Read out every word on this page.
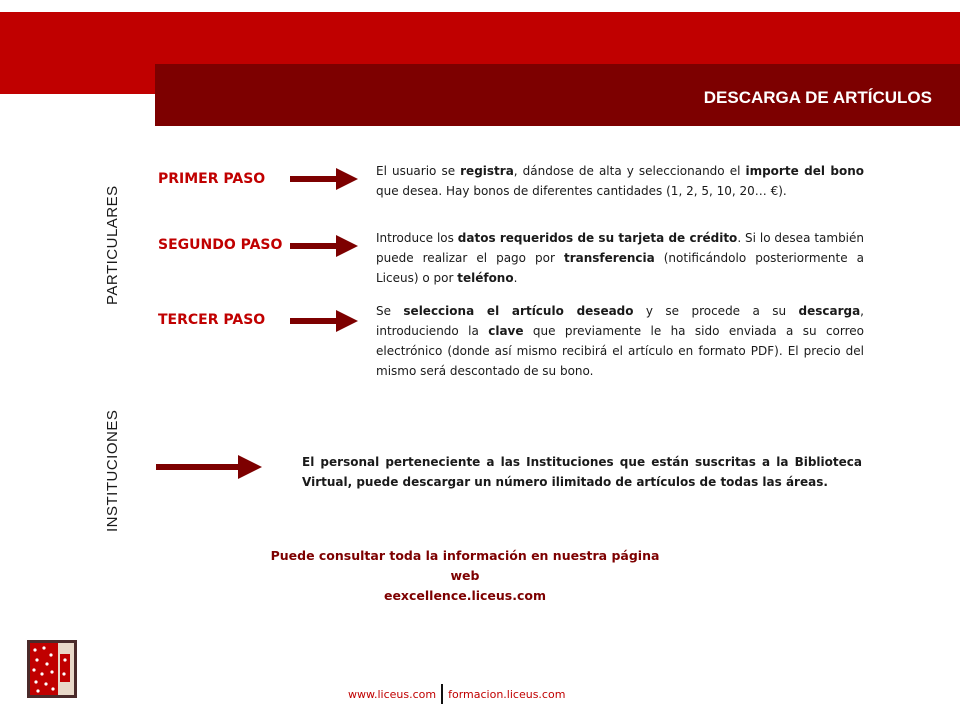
DESCARGA DE ARTÍCULOS
PARTICULARES
INSTITUCIONES
PRIMER PASO	El usuario se registra, dándose de alta y seleccionando el importe del bono que desea. Hay bonos de diferentes cantidades (1, 2, 5, 10, 20… €).
SEGUNDO PASO	Introduce los datos requeridos de su tarjeta de crédito. Si lo desea también puede realizar el pago por transferencia (notificándolo posteriormente a Liceus) o por teléfono.
TERCER PASO
Se selecciona el artículo deseado y se procede a su descarga, introduciendo la clave que previamente le ha sido enviada a su correo electrónico (donde así mismo recibirá el artículo en formato PDF). El precio del mismo será descontado de su bono.
El personal perteneciente a las Instituciones que están suscritas a la Biblioteca Virtual, puede descargar un número ilimitado de artículos de todas las áreas.
Puede consultar toda la información en nuestra página web
eexcellence.liceus.com
www.liceus.com formacion.liceus.com
